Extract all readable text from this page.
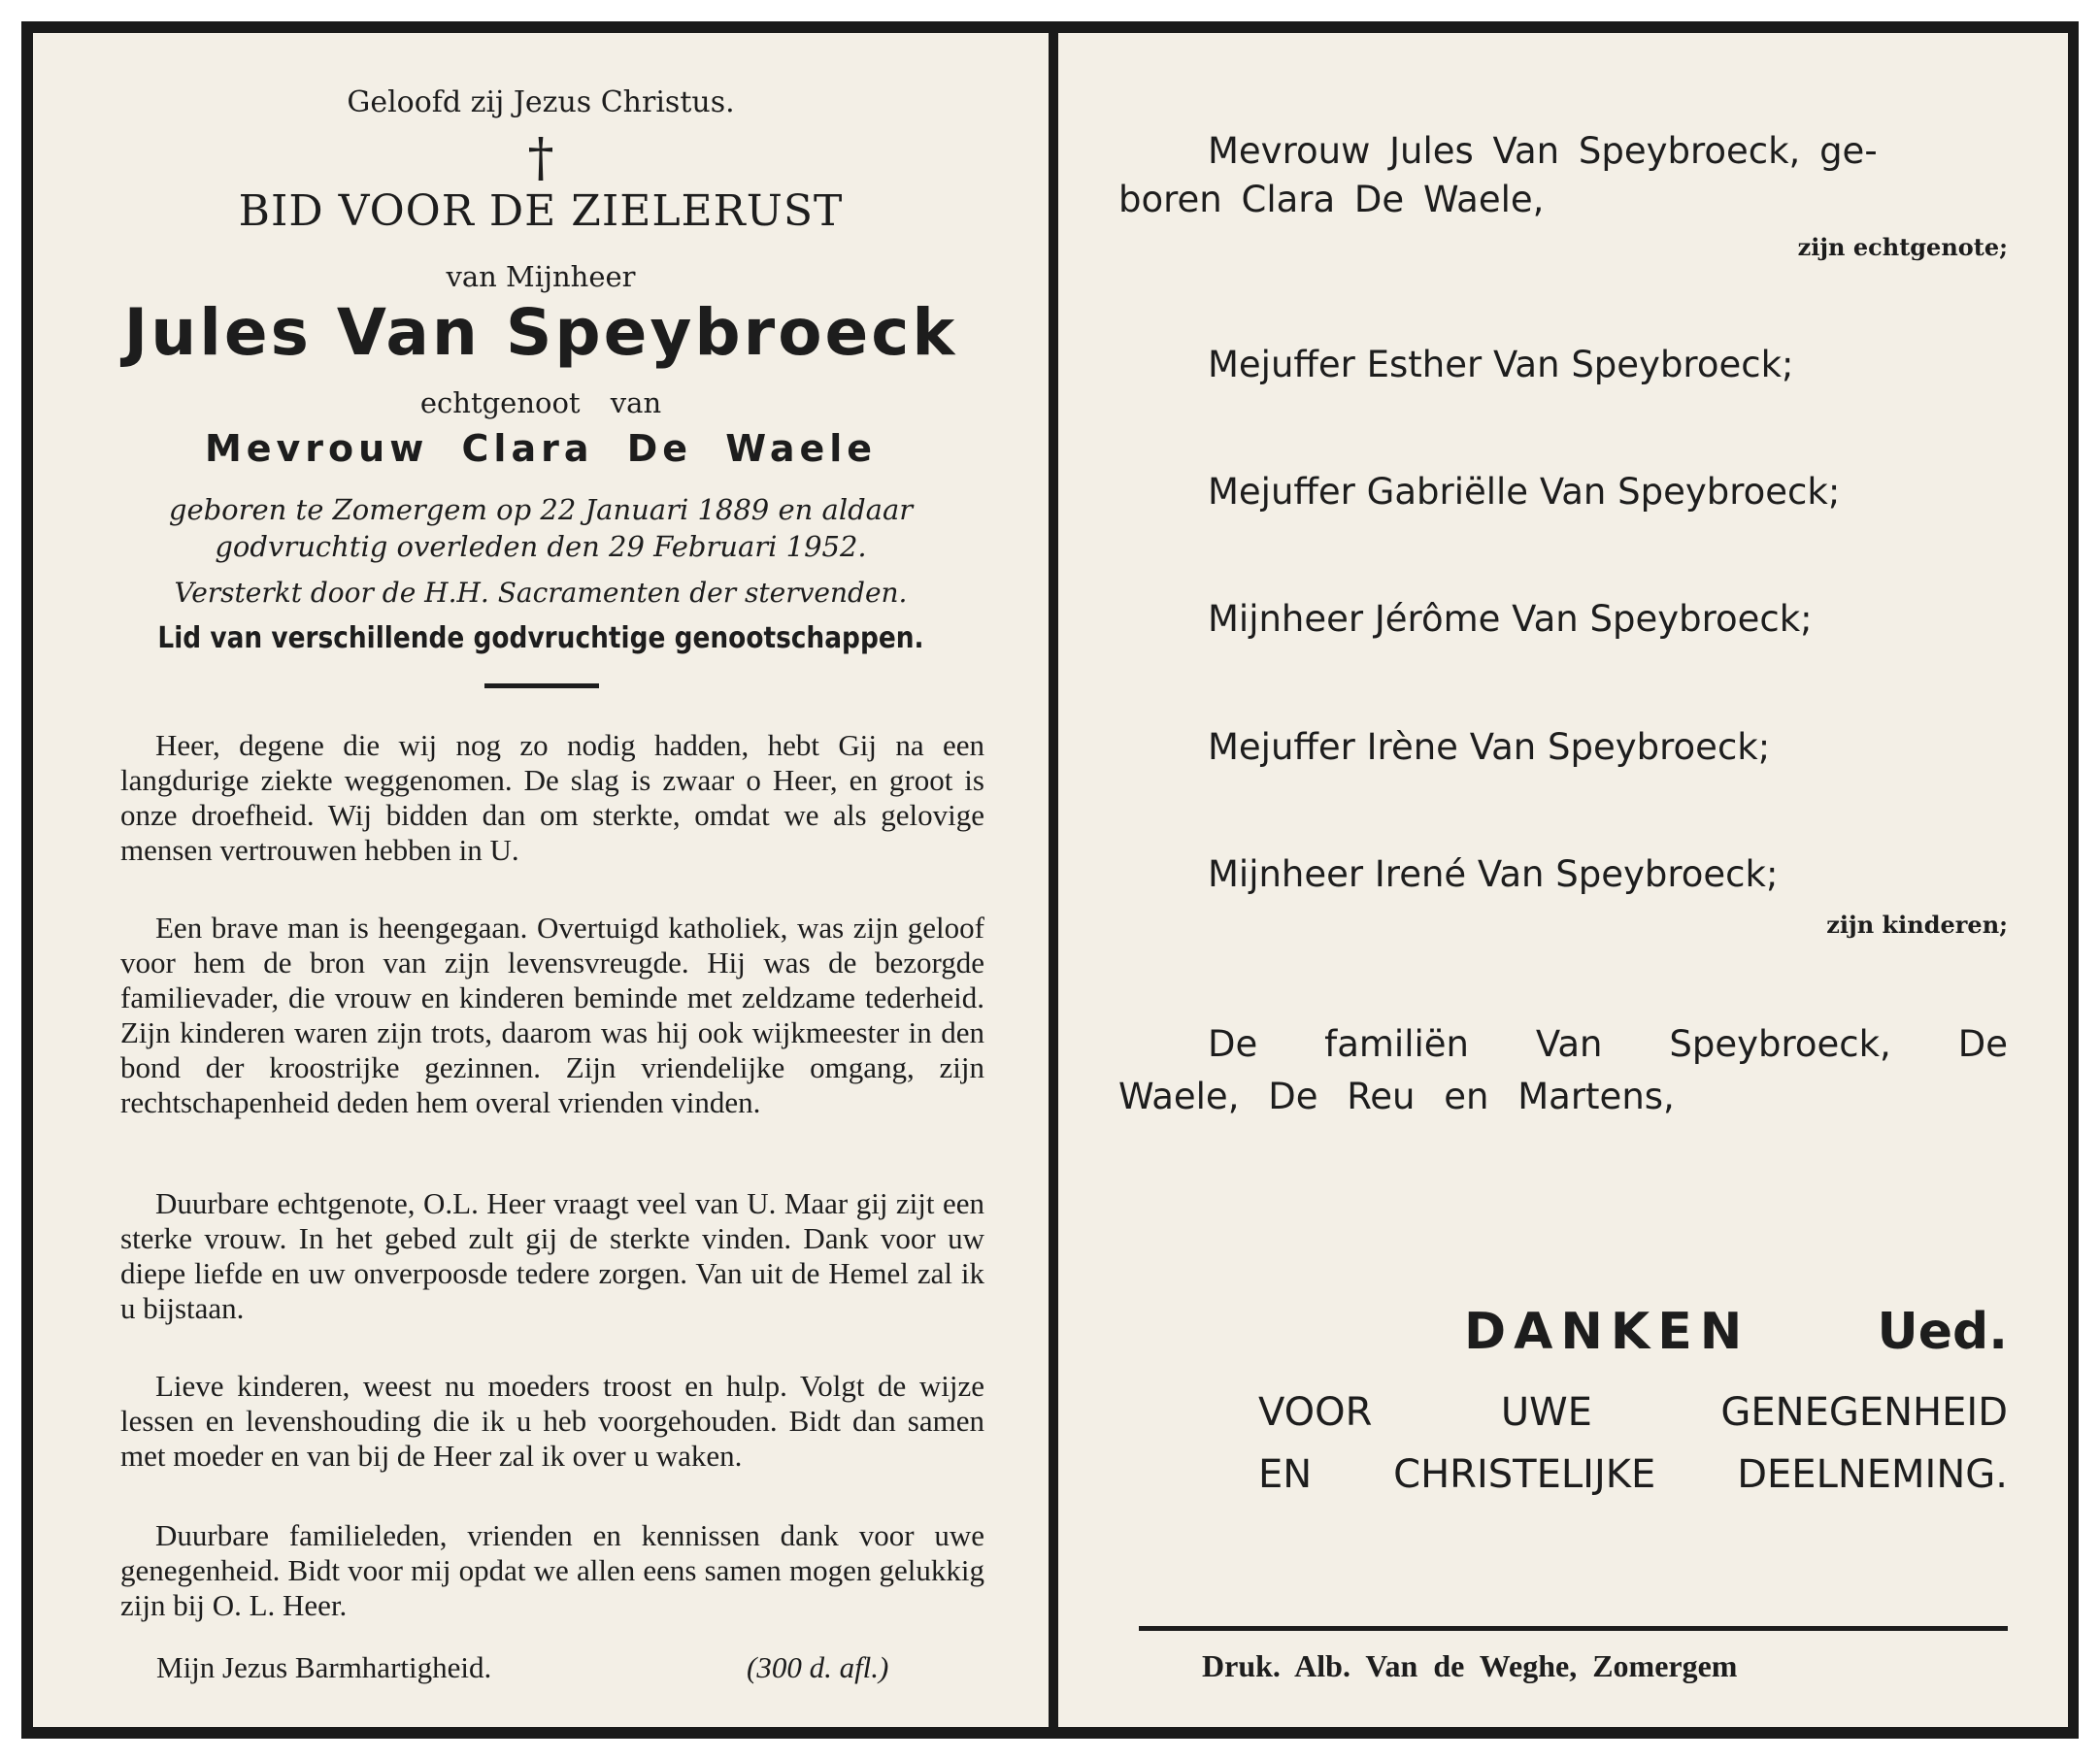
Geloofd zij Jezus Christus.

†

BID VOOR DE ZIELERUST

van Mijnheer

Jules Van Speybroeck

echtgenoot van

Mevrouw Clara De Waele

geboren te Zomergem op 22 Januari 1889 en aldaar

godvruchtig overleden den 29 Februari 1952.

Versterkt door de H.H. Sacramenten der stervenden.

Lid van verschillende godvruchtige genootschappen.

Heer, degene die wij nog zo nodig hadden, hebt Gij na een langdurige ziekte weggenomen. De slag is zwaar o Heer, en groot is onze droefheid. Wij bidden dan om sterkte, omdat we als gelovige mensen vertrouwen hebben in U.

Een brave man is heengegaan. Overtuigd katholiek, was zijn geloof voor hem de bron van zijn levensvreugde. Hij was de bezorgde familievader, die vrouw en kinderen beminde met zeldzame tederheid. Zijn kinderen waren zijn trots, daarom was hij ook wijkmeester in den bond der kroostrijke gezinnen. Zijn vriendelijke omgang, zijn rechtschapenheid deden hem overal vrienden vinden.

Duurbare echtgenote, O.L. Heer vraagt veel van U. Maar gij zijt een sterke vrouw. In het gebed zult gij de sterkte vinden. Dank voor uw diepe liefde en uw onverpoosde tedere zorgen. Van uit de Hemel zal ik u bijstaan.

Lieve kinderen, weest nu moeders troost en hulp. Volgt de wijze lessen en levenshouding die ik u heb voorgehouden. Bidt dan samen met moeder en van bij de Heer zal ik over u waken.

Duurbare familieleden, vrienden en kennissen dank voor uwe genegenheid. Bidt voor mij opdat we allen eens samen mogen gelukkig zijn bij O. L. Heer.

Mijn Jezus Barmhartigheid.	(300 d. afl.)

Mevrouw Jules Van Speybroeck, ge-

boren Clara De Waele,

zijn echtgenote;

Mejuffer Esther Van Speybroeck;

Mejuffer Gabriëlle Van Speybroeck;

Mijnheer Jérôme Van Speybroeck;

Mejuffer Irène Van Speybroeck;

Mijnheer Irené Van Speybroeck;

zijn kinderen;

De familiën Van Speybroeck, De

Waele, De Reu en Martens,

DANKEN	Ued.

VOOR UWE GENEGENHEID

EN CHRISTELIJKE DEELNEMING.

Druk. Alb. Van de Weghe, Zomergem
